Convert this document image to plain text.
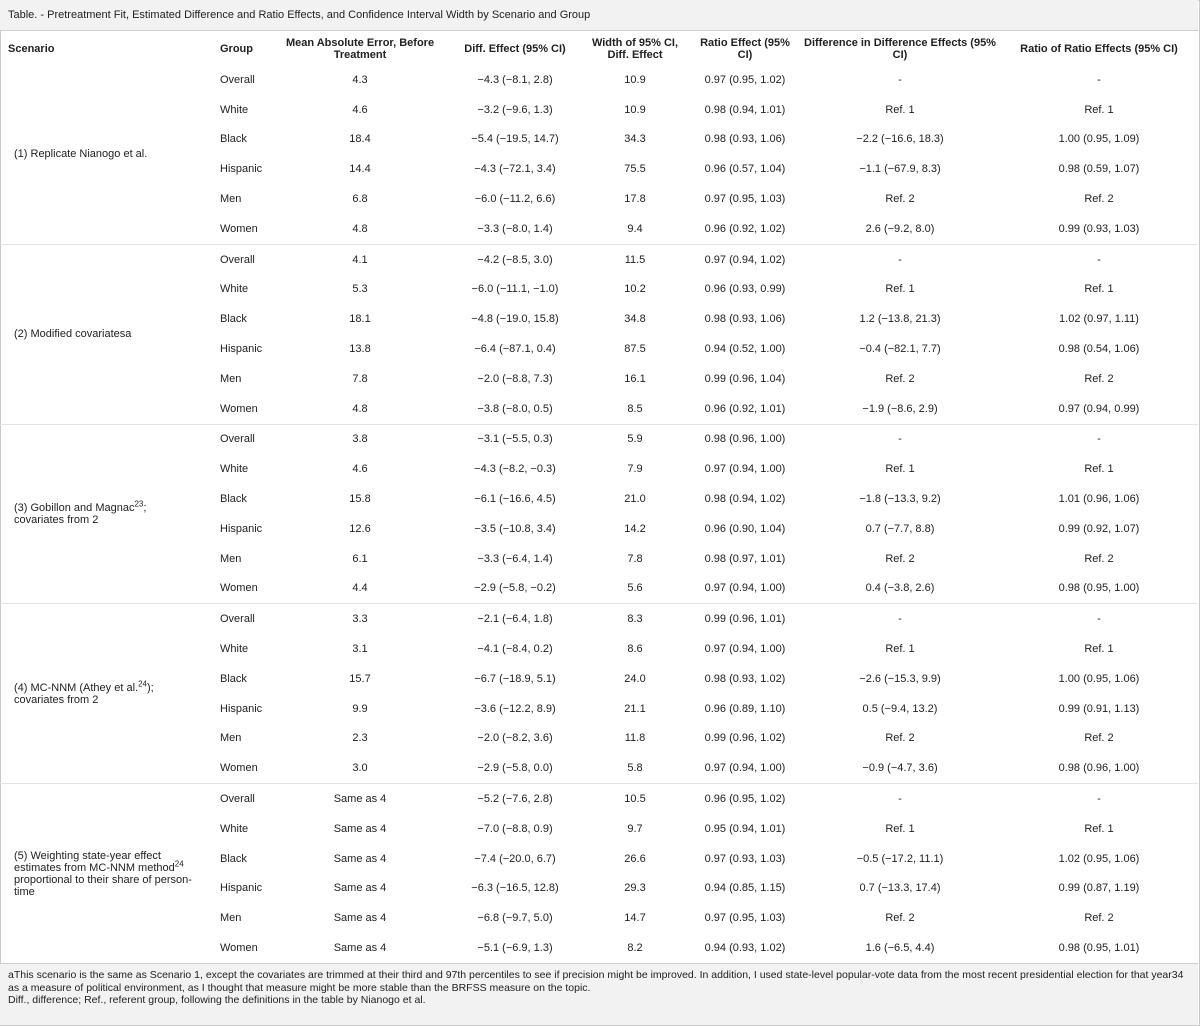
Table. - Pretreatment Fit, Estimated Difference and Ratio Effects, and Confidence Interval Width by Scenario and Group
Scenario	Group	Mean Absolute Error, Before Treatment	Diff. Effect (95% CI)	Width of 95% CI, Diff. Effect	Ratio Effect (95% CI)	Difference in Difference Effects (95% CI)	Ratio of Ratio Effects (95% CI)
(1) Replicate Nianogo et al.	Overall	4.3	−4.3 (−8.1, 2.8)	10.9	0.97 (0.95, 1.02)	-	-
	White	4.6	−3.2 (−9.6, 1.3)	10.9	0.98 (0.94, 1.01)	Ref. 1	Ref. 1
	Black	18.4	−5.4 (−19.5, 14.7)	34.3	0.98 (0.93, 1.06)	−2.2 (−16.6, 18.3)	1.00 (0.95, 1.09)
	Hispanic	14.4	−4.3 (−72.1, 3.4)	75.5	0.96 (0.57, 1.04)	−1.1 (−67.9, 8.3)	0.98 (0.59, 1.07)
	Men	6.8	−6.0 (−11.2, 6.6)	17.8	0.97 (0.95, 1.03)	Ref. 2	Ref. 2
	Women	4.8	−3.3 (−8.0, 1.4)	9.4	0.96 (0.92, 1.02)	2.6 (−9.2, 8.0)	0.99 (0.93, 1.03)
(2) Modified covariatesa	Overall	4.1	−4.2 (−8.5, 3.0)	11.5	0.97 (0.94, 1.02)	-	-
	White	5.3	−6.0 (−11.1, −1.0)	10.2	0.96 (0.93, 0.99)	Ref. 1	Ref. 1
	Black	18.1	−4.8 (−19.0, 15.8)	34.8	0.98 (0.93, 1.06)	1.2 (−13.8, 21.3)	1.02 (0.97, 1.11)
	Hispanic	13.8	−6.4 (−87.1, 0.4)	87.5	0.94 (0.52, 1.00)	−0.4 (−82.1, 7.7)	0.98 (0.54, 1.06)
	Men	7.8	−2.0 (−8.8, 7.3)	16.1	0.99 (0.96, 1.04)	Ref. 2	Ref. 2
	Women	4.8	−3.8 (−8.0, 0.5)	8.5	0.96 (0.92, 1.01)	−1.9 (−8.6, 2.9)	0.97 (0.94, 0.99)
(3) Gobillon and Magnac$^{23}$; covariates from 2	Overall	3.8	−3.1 (−5.5, 0.3)	5.9	0.98 (0.96, 1.00)	-	-
	White	4.6	−4.3 (−8.2, −0.3)	7.9	0.97 (0.94, 1.00)	Ref. 1	Ref. 1
	Black	15.8	−6.1 (−16.6, 4.5)	21.0	0.98 (0.94, 1.02)	−1.8 (−13.3, 9.2)	1.01 (0.96, 1.06)
	Hispanic	12.6	−3.5 (−10.8, 3.4)	14.2	0.96 (0.90, 1.04)	0.7 (−7.7, 8.8)	0.99 (0.92, 1.07)
	Men	6.1	−3.3 (−6.4, 1.4)	7.8	0.98 (0.97, 1.01)	Ref. 2	Ref. 2
	Women	4.4	−2.9 (−5.8, −0.2)	5.6	0.97 (0.94, 1.00)	0.4 (−3.8, 2.6)	0.98 (0.95, 1.00)
(4) MC-NNM (Athey et al.$^{24}$); covariates from 2	Overall	3.3	−2.1 (−6.4, 1.8)	8.3	0.99 (0.96, 1.01)	-	-
	White	3.1	−4.1 (−8.4, 0.2)	8.6	0.97 (0.94, 1.00)	Ref. 1	Ref. 1
	Black	15.7	−6.7 (−18.9, 5.1)	24.0	0.98 (0.93, 1.02)	−2.6 (−15.3, 9.9)	1.00 (0.95, 1.06)
	Hispanic	9.9	−3.6 (−12.2, 8.9)	21.1	0.96 (0.89, 1.10)	0.5 (−9.4, 13.2)	0.99 (0.91, 1.13)
	Men	2.3	−2.0 (−8.2, 3.6)	11.8	0.99 (0.96, 1.02)	Ref. 2	Ref. 2
	Women	3.0	−2.9 (−5.8, 0.0)	5.8	0.97 (0.94, 1.00)	−0.9 (−4.7, 3.6)	0.98 (0.96, 1.00)
(5) Weighting state-year effect estimates from MC-NNM method$^{24}$ proportional to their share of person-time	Overall	Same as 4	−5.2 (−7.6, 2.8)	10.5	0.96 (0.95, 1.02)	-	-
	White	Same as 4	−7.0 (−8.8, 0.9)	9.7	0.95 (0.94, 1.01)	Ref. 1	Ref. 1
	Black	Same as 4	−7.4 (−20.0, 6.7)	26.6	0.97 (0.93, 1.03)	−0.5 (−17.2, 11.1)	1.02 (0.95, 1.06)
	Hispanic	Same as 4	−6.3 (−16.5, 12.8)	29.3	0.94 (0.85, 1.15)	0.7 (−13.3, 17.4)	0.99 (0.87, 1.19)
	Men	Same as 4	−6.8 (−9.7, 5.0)	14.7	0.97 (0.95, 1.03)	Ref. 2	Ref. 2
	Women	Same as 4	−5.1 (−6.9, 1.3)	8.2	0.94 (0.93, 1.02)	1.6 (−6.5, 4.4)	0.98 (0.95, 1.01)
aThis scenario is the same as Scenario 1, except the covariates are trimmed at their third and 97th percentiles to see if precision might be improved. In addition, I used state-level popular-vote data from the most recent presidential election for that year34 as a measure of political environment, as I thought that measure might be more stable than the BRFSS measure on the topic.
Diff., difference; Ref., referent group, following the definitions in the table by Nianogo et al.
